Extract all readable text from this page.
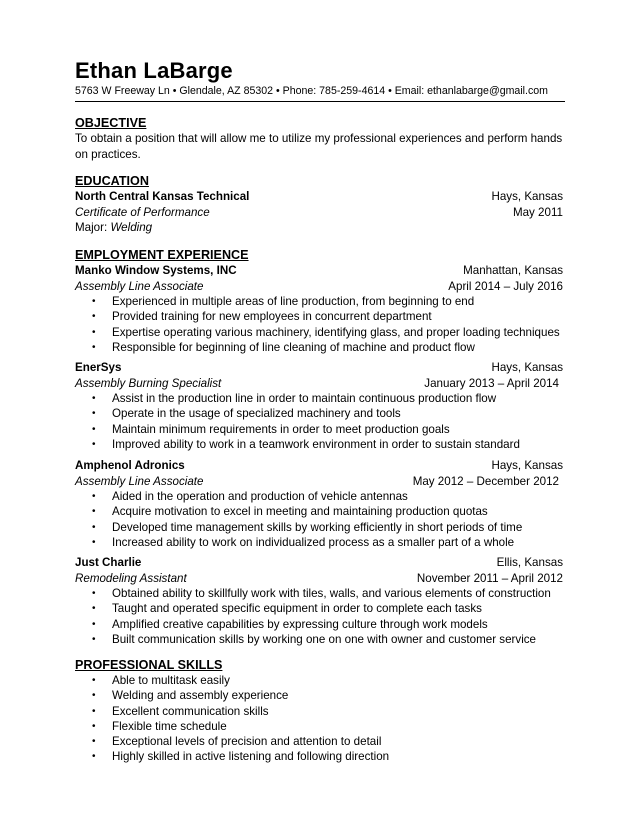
Ethan LaBarge
5763 W Freeway Ln • Glendale, AZ 85302 • Phone: 785-259-4614 • Email: ethanlabarge@gmail.com
OBJECTIVE
To obtain a position that will allow me to utilize my professional experiences and perform hands
on practices.
EDUCATION
North Central Kansas Technical	Hays, Kansas
Certificate of Performance	May 2011
Major: Welding
EMPLOYMENT EXPERIENCE
Manko Window Systems, INC	Manhattan, Kansas
Assembly Line Associate	April 2014 – July 2016
• Experienced in multiple areas of line production, from beginning to end
• Provided training for new employees in concurrent department
• Expertise operating various machinery, identifying glass, and proper loading techniques
• Responsible for beginning of line cleaning of machine and product flow
EnerSys	Hays, Kansas
Assembly Burning Specialist	January 2013 – April 2014
• Assist in the production line in order to maintain continuous production flow
• Operate in the usage of specialized machinery and tools
• Maintain minimum requirements in order to meet production goals
• Improved ability to work in a teamwork environment in order to sustain standard
Amphenol Adronics	Hays, Kansas
Assembly Line Associate	May 2012 – December 2012
• Aided in the operation and production of vehicle antennas
• Acquire motivation to excel in meeting and maintaining production quotas
• Developed time management skills by working efficiently in short periods of time
• Increased ability to work on individualized process as a smaller part of a whole
Just Charlie	Ellis, Kansas
Remodeling Assistant	November 2011 – April 2012
• Obtained ability to skillfully work with tiles, walls, and various elements of construction
• Taught and operated specific equipment in order to complete each tasks
• Amplified creative capabilities by expressing culture through work models
• Built communication skills by working one on one with owner and customer service
PROFESSIONAL SKILLS
• Able to multitask easily
• Welding and assembly experience
• Excellent communication skills
• Flexible time schedule
• Exceptional levels of precision and attention to detail
• Highly skilled in active listening and following direction
